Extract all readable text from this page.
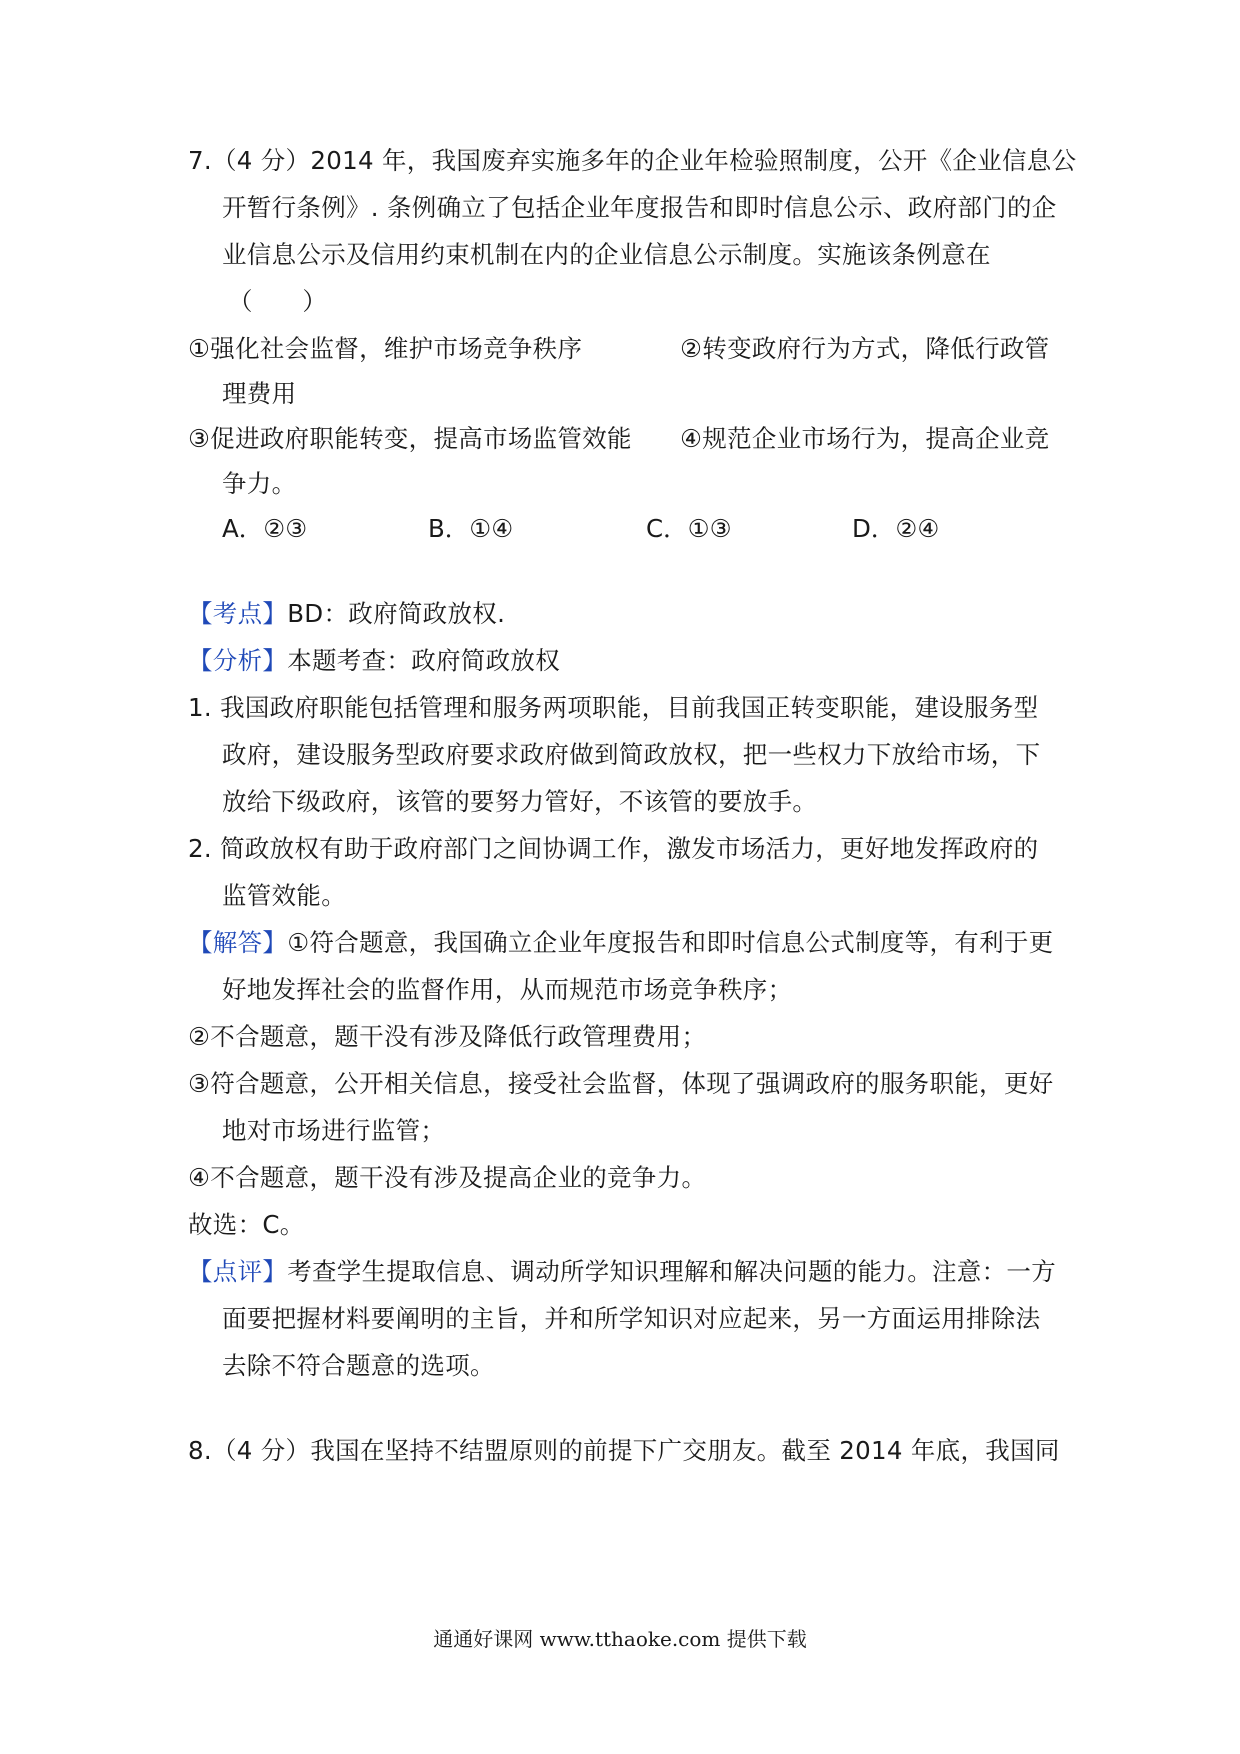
7.（4 分）2014 年，我国废弃实施多年的企业年检验照制度，公开《企业信息公
开暂行条例》. 条例确立了包括企业年度报告和即时信息公示、政府部门的企
业信息公示及信用约束机制在内的企业信息公示制度。实施该条例意在
（　　）
①强化社会监督，维护市场竞争秩序	②转变政府行为方式，降低行政管
理费用
③促进政府职能转变，提高市场监管效能 ④规范企业市场行为，提高企业竞
争力。
A．②③	B．①④	C．①③	D．②④
【考点】BD：政府简政放权.
【分析】本题考查：政府简政放权
1. 我国政府职能包括管理和服务两项职能，目前我国正转变职能，建设服务型
政府，建设服务型政府要求政府做到简政放权，把一些权力下放给市场，下
放给下级政府，该管的要努力管好，不该管的要放手。
2. 简政放权有助于政府部门之间协调工作，激发市场活力，更好地发挥政府的
监管效能。
【解答】①符合题意，我国确立企业年度报告和即时信息公式制度等，有利于更
好地发挥社会的监督作用，从而规范市场竞争秩序；
②不合题意，题干没有涉及降低行政管理费用；
③符合题意，公开相关信息，接受社会监督，体现了强调政府的服务职能，更好
地对市场进行监管；
④不合题意，题干没有涉及提高企业的竞争力。
故选：C。
【点评】考查学生提取信息、调动所学知识理解和解决问题的能力。注意：一方
面要把握材料要阐明的主旨，并和所学知识对应起来，另一方面运用排除法
去除不符合题意的选项。
8.（4 分）我国在坚持不结盟原则的前提下广交朋友。截至 2014 年底，我国同
通通好课网 www.tthaoke.com 提供下载
